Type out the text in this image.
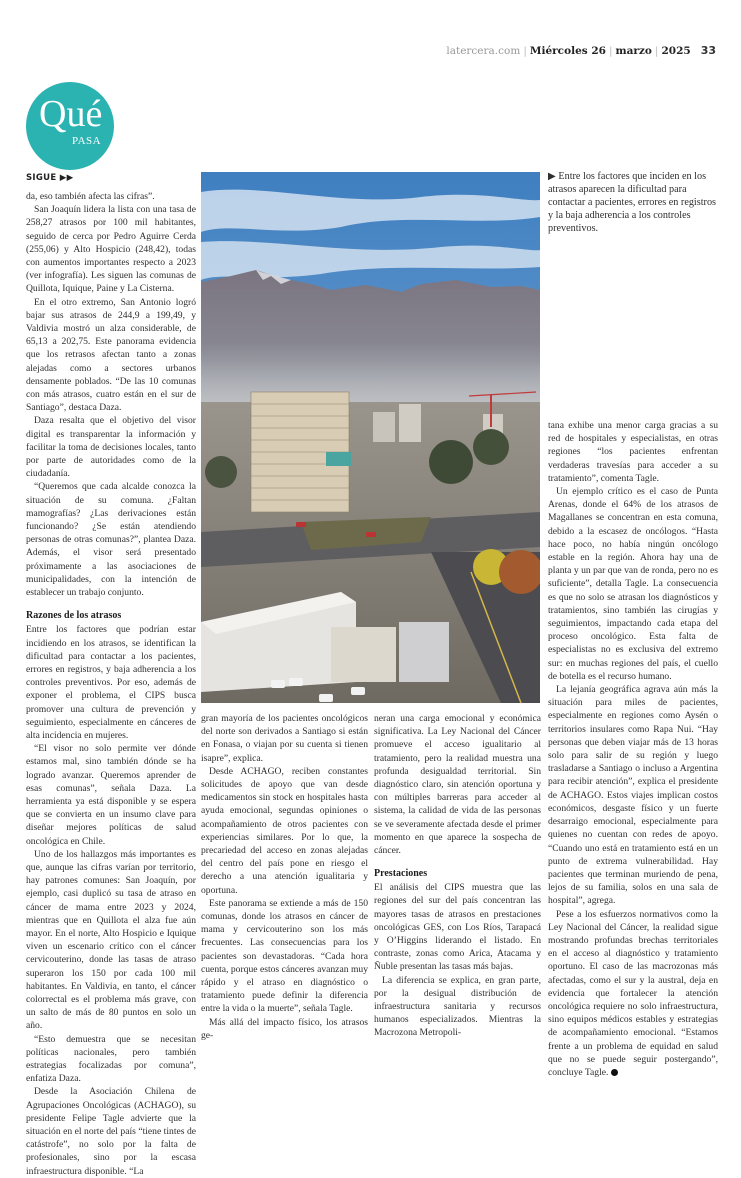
latercera.com | Miércoles 26 | marzo | 2025 33
Qué
PASA
SIGUE ▶▶

da, eso también afecta las cifras”.

San Joaquín lidera la lista con una tasa de 258,27 atrasos por 100 mil habitantes, seguido de cerca por Pedro Aguirre Cerda (255,06) y Alto Hospicio (248,42), todas con aumentos importantes respecto a 2023 (ver infografía). Les siguen las comunas de Quillota, Iquique, Paine y La Cisterna.

En el otro extremo, San Antonio logró bajar sus atrasos de 244,9 a 199,49, y Valdivia mostró un alza considerable, de 65,13 a 202,75. Este panorama evidencia que los retrasos afectan tanto a zonas alejadas como a sectores urbanos densamente poblados. “De las 10 comunas con más atrasos, cuatro están en el sur de Santiago”, destaca Daza.

Daza resalta que el objetivo del visor digital es transparentar la información y facilitar la toma de decisiones locales, tanto por parte de autoridades como de la ciudadanía.

“Queremos que cada alcalde conozca la situación de su comuna. ¿Faltan mamografías? ¿Las derivaciones están funcionando? ¿Se están atendiendo personas de otras comunas?”, plantea Daza. Además, el visor será presentado próximamente a las asociaciones de municipalidades, con la intención de establecer un trabajo conjunto.

Razones de los atrasos

Entre los factores que podrían estar incidiendo en los atrasos, se identifican la dificultad para contactar a los pacientes, errores en registros, y baja adherencia a los controles preventivos. Por eso, además de exponer el problema, el CIPS busca promover una cultura de prevención y seguimiento, especialmente en cánceres de alta incidencia en mujeres.

“El visor no solo permite ver dónde estamos mal, sino también dónde se ha logrado avanzar. Queremos aprender de esas comunas”, señala Daza. La herramienta ya está disponible y se espera que se convierta en un insumo clave para diseñar mejores políticas de salud oncológica en Chile.

Uno de los hallazgos más importantes es que, aunque las cifras varían por territorio, hay patrones comunes: San Joaquín, por ejemplo, casi duplicó su tasa de atraso en cáncer de mama entre 2023 y 2024, mientras que en Quillota el alza fue aún mayor. En el norte, Alto Hospicio e Iquique viven un escenario crítico con el cáncer cervicouterino, donde las tasas de atraso superaron los 150 por cada 100 mil habitantes. En Valdivia, en tanto, el cáncer colorrectal es el problema más grave, con un salto de más de 80 puntos en solo un año.

“Esto demuestra que se necesitan políticas nacionales, pero también estrategias focalizadas por comuna”, enfatiza Daza.

Desde la Asociación Chilena de Agrupaciones Oncológicas (ACHAGO), su presidente Felipe Tagle advierte que la situación en el norte del país “tiene tintes de catástrofe”, no solo por la falta de profesionales, sino por la escasa infraestructura disponible. “La

▶ Entre los factores que inciden en los atrasos aparecen la dificultad para contactar a pacientes, errores en registros y la baja adherencia a los controles preventivos.

gran mayoría de los pacientes oncológicos del norte son derivados a Santiago si están en Fonasa, o viajan por su cuenta si tienen isapre”, explica.

Desde ACHAGO, reciben constantes solicitudes de apoyo que van desde medicamentos sin stock en hospitales hasta ayuda emocional, segundas opiniones o acompañamiento de otros pacientes con experiencias similares. Por lo que, la precariedad del acceso en zonas alejadas del centro del país pone en riesgo el derecho a una atención igualitaria y oportuna.

Este panorama se extiende a más de 150 comunas, donde los atrasos en cáncer de mama y cervicouterino son los más frecuentes. Las consecuencias para los pacientes son devastadoras. “Cada hora cuenta, porque estos cánceres avanzan muy rápido y el atraso en diagnóstico o tratamiento puede definir la diferencia entre la vida o la muerte”, señala Tagle.

Más allá del impacto físico, los atrasos ge-

neran una carga emocional y económica significativa. La Ley Nacional del Cáncer promueve el acceso igualitario al tratamiento, pero la realidad muestra una profunda desigualdad territorial. Sin diagnóstico claro, sin atención oportuna y con múltiples barreras para acceder al sistema, la calidad de vida de las personas se ve severamente afectada desde el primer momento en que aparece la sospecha de cáncer.

Prestaciones

El análisis del CIPS muestra que las regiones del sur del país concentran las mayores tasas de atrasos en prestaciones oncológicas GES, con Los Ríos, Tarapacá y O’Higgins liderando el listado. En contraste, zonas como Arica, Atacama y Ñuble presentan las tasas más bajas.

La diferencia se explica, en gran parte, por la desigual distribución de infraestructura sanitaria y recursos humanos especializados. Mientras la Macrozona Metropoli-

tana exhibe una menor carga gracias a su red de hospitales y especialistas, en otras regiones “los pacientes enfrentan verdaderas travesías para acceder a su tratamiento”, comenta Tagle.

Un ejemplo crítico es el caso de Punta Arenas, donde el 64% de los atrasos de Magallanes se concentran en esta comuna, debido a la escasez de oncólogos. “Hasta hace poco, no había ningún oncólogo estable en la región. Ahora hay una de planta y un par que van de ronda, pero no es suficiente”, detalla Tagle. La consecuencia es que no solo se atrasan los diagnósticos y tratamientos, sino también las cirugías y seguimientos, impactando cada etapa del proceso oncológico. Esta falta de especialistas no es exclusiva del extremo sur: en muchas regiones del país, el cuello de botella es el recurso humano.

La lejanía geográfica agrava aún más la situación para miles de pacientes, especialmente en regiones como Aysén o territorios insulares como Rapa Nui. “Hay personas que deben viajar más de 13 horas solo para salir de su región y luego trasladarse a Santiago o incluso a Argentina para recibir atención”, explica el presidente de ACHAGO. Estos viajes implican costos económicos, desgaste físico y un fuerte desarraigo emocional, especialmente para quienes no cuentan con redes de apoyo. “Cuando uno está en tratamiento está en un punto de extrema vulnerabilidad. Hay pacientes que terminan muriendo de pena, lejos de su familia, solos en una sala de hospital”, agrega.

Pese a los esfuerzos normativos como la Ley Nacional del Cáncer, la realidad sigue mostrando profundas brechas territoriales en el acceso al diagnóstico y tratamiento oportuno. El caso de las macrozonas más afectadas, como el sur y la austral, deja en evidencia que fortalecer la atención oncológica requiere no solo infraestructura, sino equipos médicos estables y estrategias de acompañamiento emocional. “Estamos frente a un problema de equidad en salud que no se puede seguir postergando”, concluye Tagle.
